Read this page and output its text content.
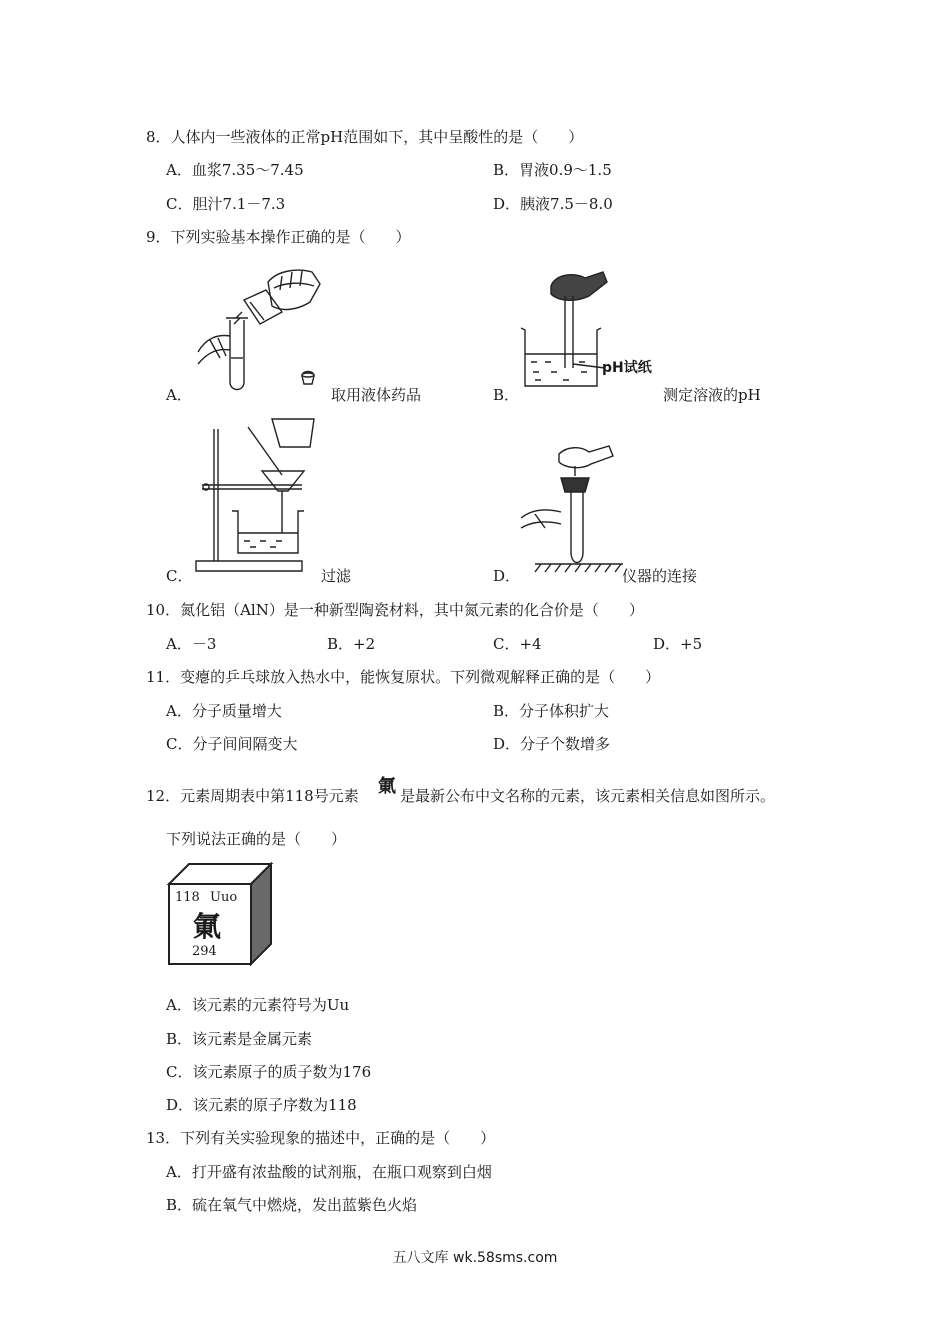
8．人体内一些液体的正常pH范围如下，其中呈酸性的是（　　）
A．血浆7.35～7.45	B．胃液0.9～1.5
C．胆汁7.1－7.3	D．胰液7.5－8.0
9．下列实验基本操作正确的是（　　）
A．	取用液体药品
pH试纸
B．	测定溶液的pH
C．	过滤	D．	仪器的连接
10．氮化铝（AlN）是一种新型陶瓷材料，其中氮元素的化合价是（　　）
A．－3	B．+2	C．+4	D．+5
11．变瘪的乒乓球放入热水中，能恢复原状。下列微观解释正确的是（　　）
A．分子质量增大	B．分子体积扩大
C．分子间间隔变大	D．分子个数增多
12．元素周期表中第118号元素 氭 是最新公布中文名称的元素，该元素相关信息如图所示。
下列说法正确的是（　　）
118 Uuo
氭
294
A．该元素的元素符号为Uu
B．该元素是金属元素
C．该元素原子的质子数为176
D．该元素的原子序数为118
13．下列有关实验现象的描述中，正确的是（　　）
A．打开盛有浓盐酸的试剂瓶，在瓶口观察到白烟
B．硫在氧气中燃烧，发出蓝紫色火焰
五八文库 wk.58sms.com
